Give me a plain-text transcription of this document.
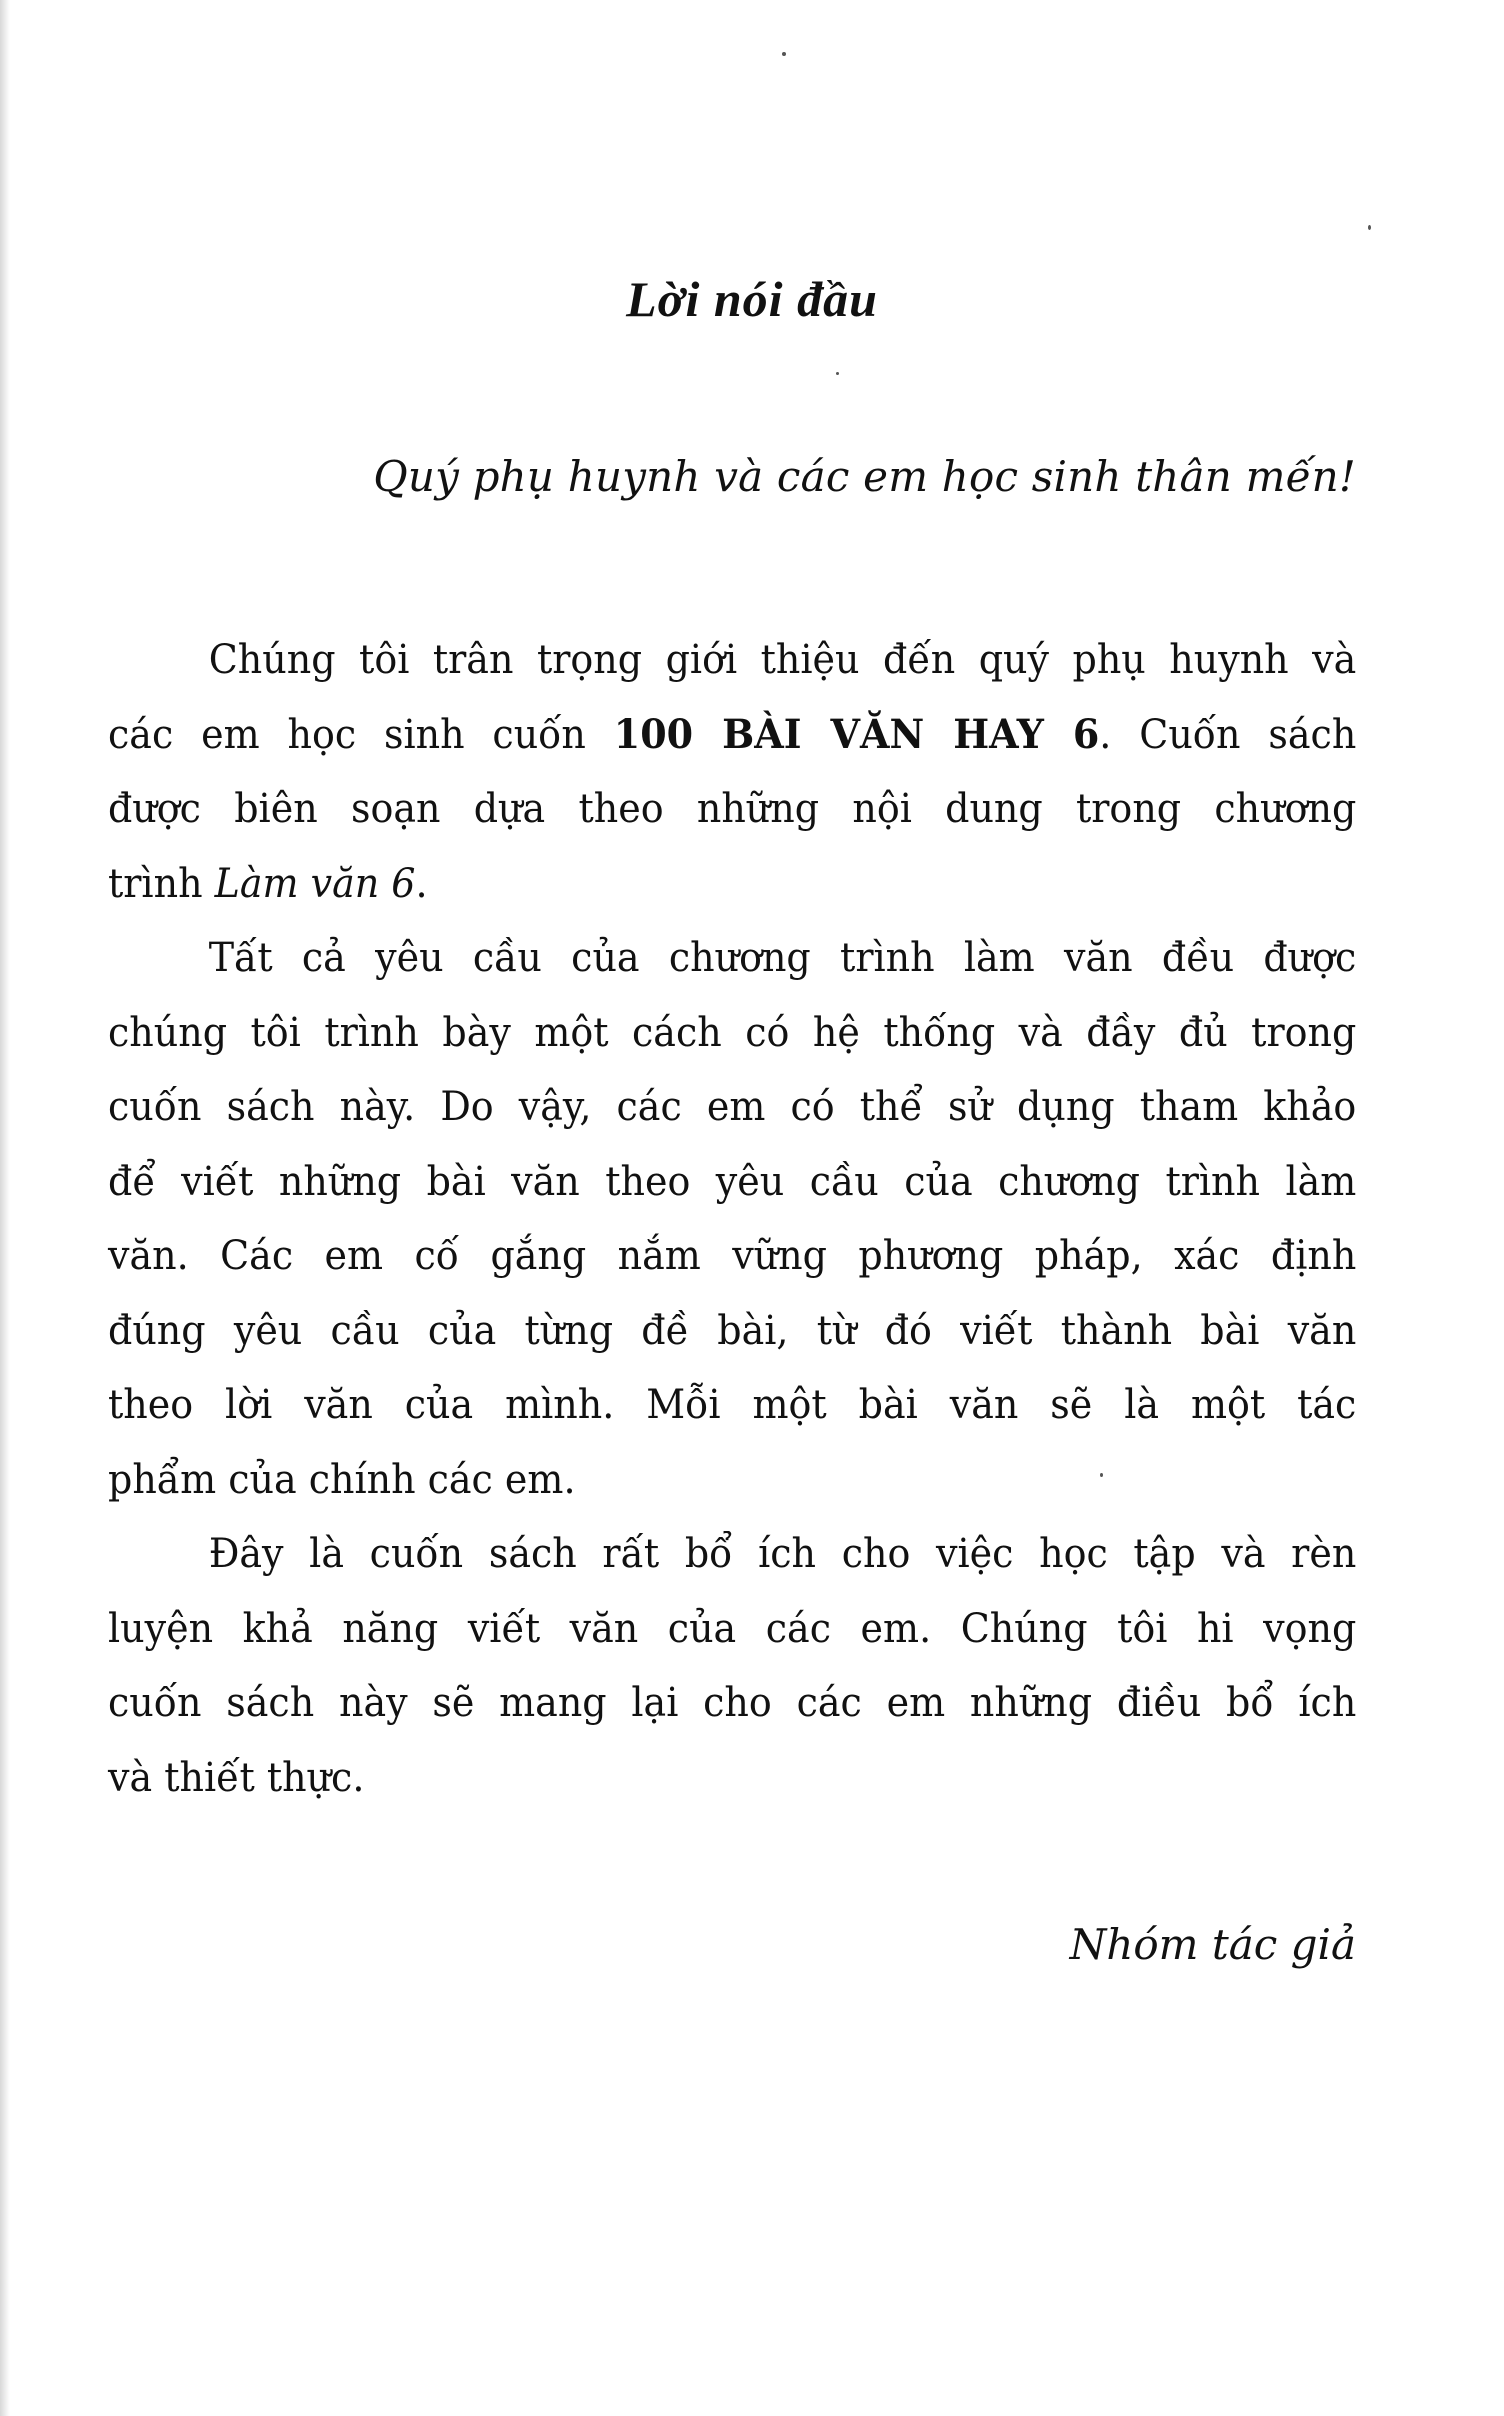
Lời nói đầu
Quý phụ huynh và các em học sinh thân mến!

Chúng tôi trân trọng giới thiệu đến quý phụ huynh và
các em học sinh cuốn 100 BÀI VĂN HAY 6. Cuốn sách
được biên soạn dựa theo những nội dung trong chương
trình Làm văn 6.

Tất cả yêu cầu của chương trình làm văn đều được
chúng tôi trình bày một cách có hệ thống và đầy đủ trong
cuốn sách này. Do vậy, các em có thể sử dụng tham khảo
để viết những bài văn theo yêu cầu của chương trình làm
văn. Các em cố gắng nắm vững phương pháp, xác định
đúng yêu cầu của từng đề bài, từ đó viết thành bài văn
theo lời văn của mình. Mỗi một bài văn sẽ là một tác
phẩm của chính các em.

Đây là cuốn sách rất bổ ích cho việc học tập và rèn
luyện khả năng viết văn của các em. Chúng tôi hi vọng
cuốn sách này sẽ mang lại cho các em những điều bổ ích
và thiết thực.

Nhóm tác giả
